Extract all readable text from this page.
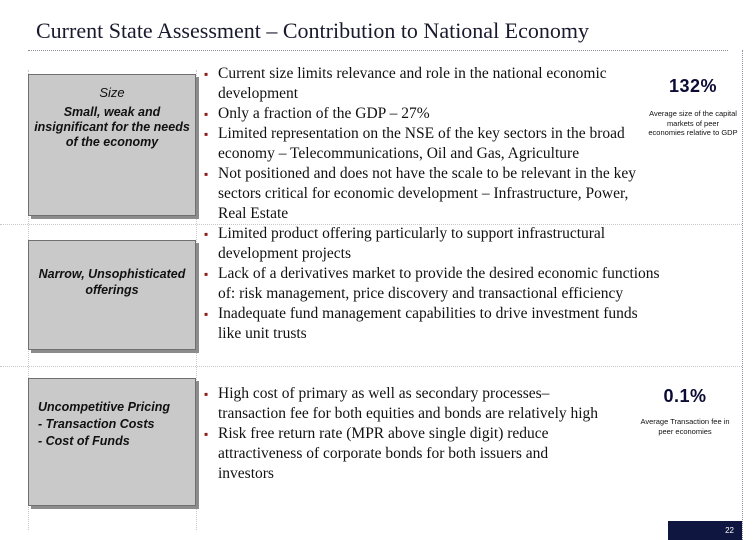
Current State Assessment – Contribution to National Economy
Size
Small, weak and insignificant for the needs of the economy
▪ Current size limits relevance and role in the national economic development
▪ Only a fraction of the GDP – 27%
▪ Limited representation on the NSE of the key sectors in the broad economy – Telecommunications, Oil and Gas, Agriculture
▪ Not positioned and does not have the scale to be relevant in the key sectors critical for economic development – Infrastructure, Power, Real Estate
▪ Limited product offering particularly to support infrastructural development projects
▪ Lack of a derivatives market to provide the desired economic functions of: risk management, price discovery and transactional efficiency
▪ Inadequate fund management capabilities to drive investment funds like unit trusts
132%
Average size of the capital markets of peer economies relative to GDP
Narrow, Unsophisticated offerings
Uncompetitive Pricing
- Transaction Costs
- Cost of Funds
▪ High cost of primary as well as secondary processes– transaction fee for both equities and bonds are relatively high
▪ Risk free return rate (MPR above single digit) reduce attractiveness of corporate bonds for both issuers and investors
0.1%
Average Transaction fee in peer economies
22
